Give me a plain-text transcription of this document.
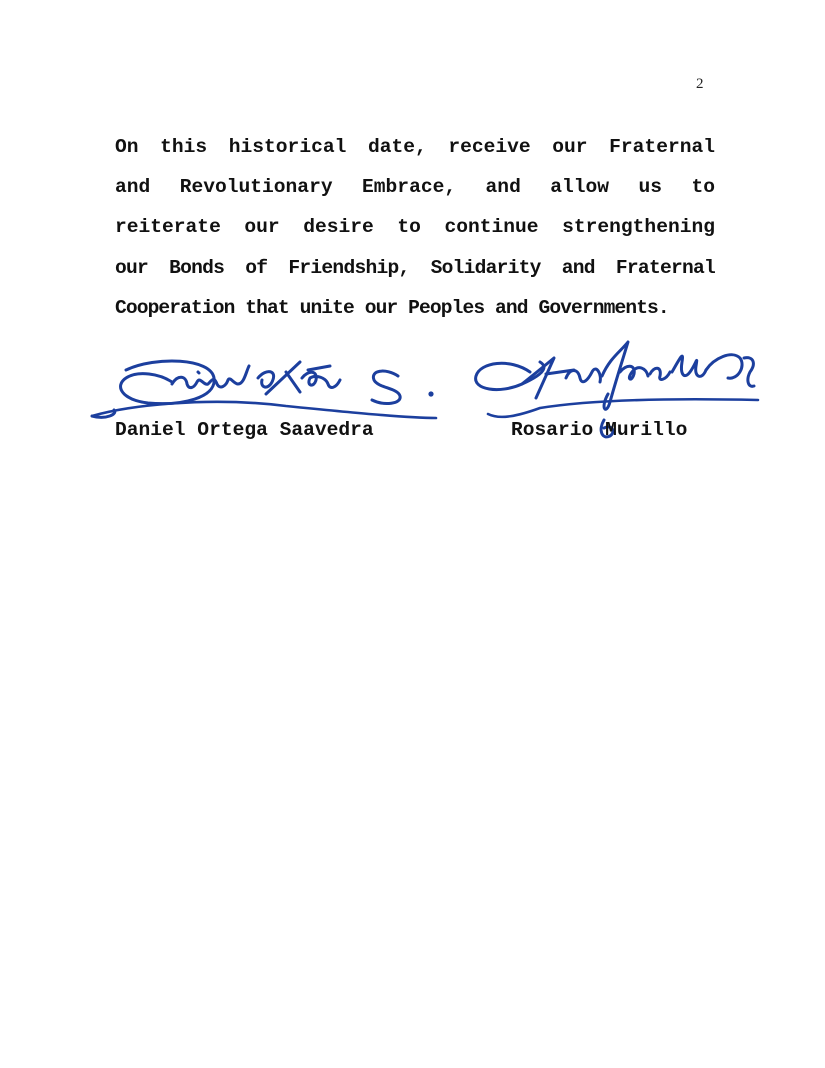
2

On this historical date, receive our Fraternal
and Revolutionary Embrace, and allow us to
reiterate our desire to continue strengthening
our Bonds of Friendship, Solidarity and Fraternal
Cooperation that unite our Peoples and Governments.

Daniel Ortega Saavedra	Rosario Murillo
